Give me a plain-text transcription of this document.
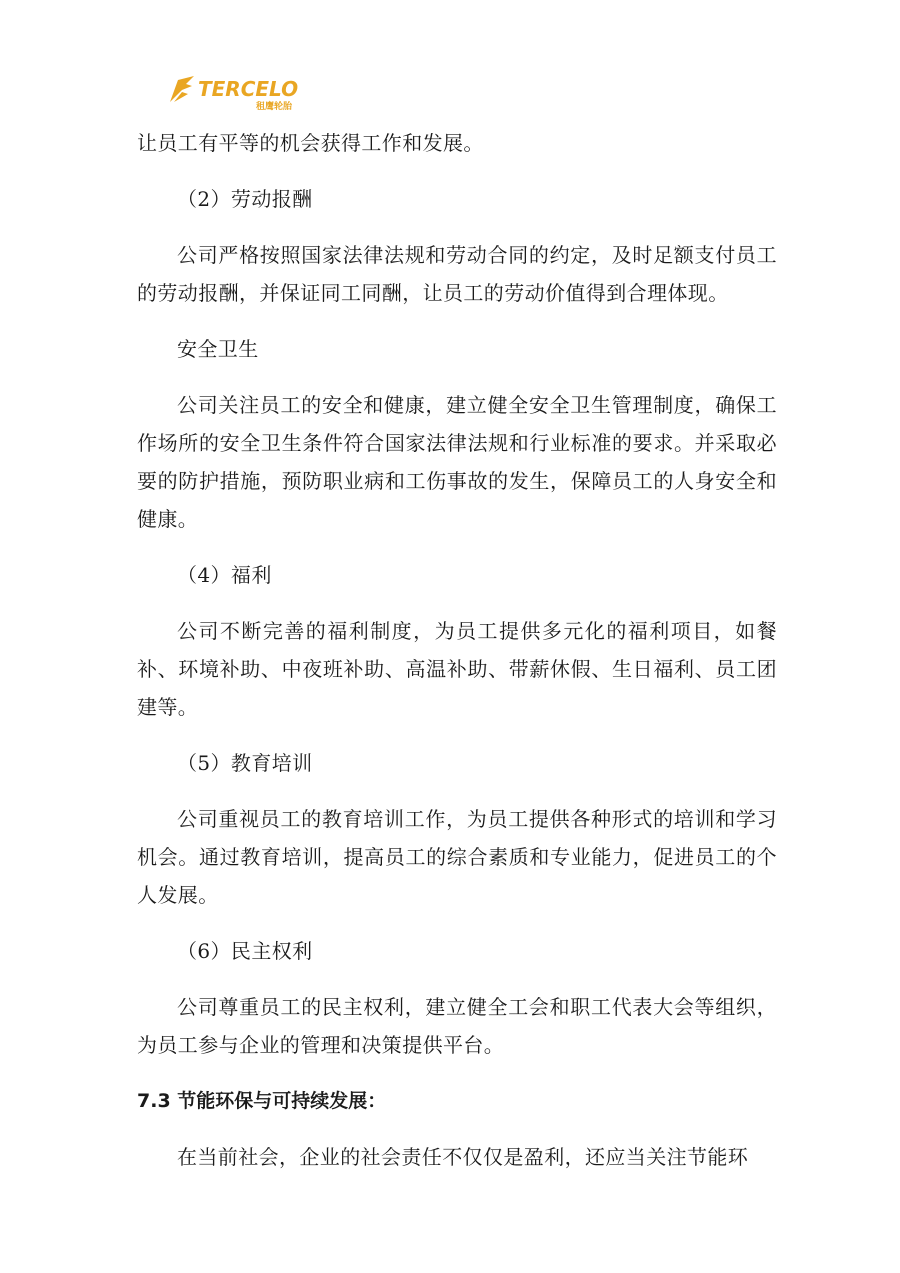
TERCELO
租鹰轮胎

让员工有平等的机会获得工作和发展。

（2）劳动报酬

公司严格按照国家法律法规和劳动合同的约定，及时足额支付员工的劳动报酬，并保证同工同酬，让员工的劳动价值得到合理体现。

安全卫生

公司关注员工的安全和健康，建立健全安全卫生管理制度，确保工作场所的安全卫生条件符合国家法律法规和行业标准的要求。并采取必要的防护措施，预防职业病和工伤事故的发生，保障员工的人身安全和健康。

（4）福利

公司不断完善的福利制度，为员工提供多元化的福利项目，如餐补、环境补助、中夜班补助、高温补助、带薪休假、生日福利、员工团建等。

（5）教育培训

公司重视员工的教育培训工作，为员工提供各种形式的培训和学习机会。通过教育培训，提高员工的综合素质和专业能力，促进员工的个人发展。

（6）民主权利

公司尊重员工的民主权利，建立健全工会和职工代表大会等组织，为员工参与企业的管理和决策提供平台。

7.3 节能环保与可持续发展：

在当前社会，企业的社会责任不仅仅是盈利，还应当关注节能环
